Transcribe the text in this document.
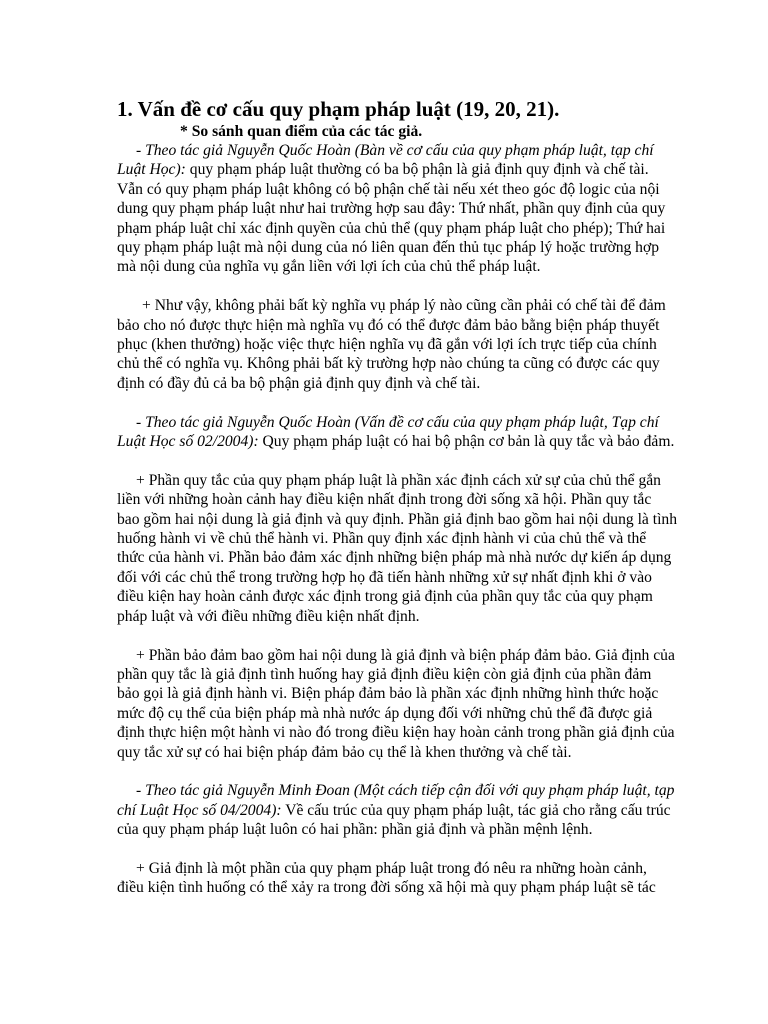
1. Vấn đề cơ cấu quy phạm pháp luật (19, 20, 21).

* So sánh quan điểm của các tác giả.

- Theo tác giả Nguyễn Quốc Hoàn (Bàn về cơ cấu của quy phạm pháp luật, tạp chí Luật Học): quy phạm pháp luật thường có ba bộ phận là giả định quy định và chế tài. Vẫn có quy phạm pháp luật không có bộ phận chế tài nếu xét theo góc độ logic của nội dung quy phạm pháp luật như hai trường hợp sau đây: Thứ nhất, phần quy định của quy phạm pháp luật chỉ xác định quyền của chủ thể (quy phạm pháp luật cho phép); Thứ hai quy phạm pháp luật mà nội dung của nó liên quan đến thủ tục pháp lý hoặc trường hợp mà nội dung của nghĩa vụ gắn liền với lợi ích của chủ thể pháp luật.

+ Như vậy, không phải bất kỳ nghĩa vụ pháp lý nào cũng cần phải có chế tài để đảm bảo cho nó được thực hiện mà nghĩa vụ đó có thể được đảm bảo bằng biện pháp thuyết phục (khen thưởng) hoặc việc thực hiện nghĩa vụ đã gắn với lợi ích trực tiếp của chính chủ thể có nghĩa vụ. Không phải bất kỳ trường hợp nào chúng ta cũng có được các quy định có đầy đủ cả ba bộ phận giả định quy định và chế tài.

- Theo tác giả Nguyễn Quốc Hoàn (Vấn đề cơ cấu của quy phạm pháp luật, Tạp chí Luật Học số 02/2004): Quy phạm pháp luật có hai bộ phận cơ bản là quy tắc và bảo đảm.

+ Phần quy tắc của quy phạm pháp luật là phần xác định cách xử sự của chủ thể gắn liền với những hoàn cảnh hay điều kiện nhất định trong đời sống xã hội. Phần quy tắc bao gồm hai nội dung là giả định và quy định. Phần giả định bao gồm hai nội dung là tình huống hành vi về chủ thể hành vi. Phần quy định xác định hành vi của chủ thể và thể thức của hành vi. Phần bảo đảm xác định những biện pháp mà nhà nước dự kiến áp dụng đối với các chủ thể trong trường hợp họ đã tiến hành những xử sự nhất định khi ở vào điều kiện hay hoàn cảnh được xác định trong giả định của phần quy tắc của quy phạm pháp luật và với điều những điều kiện nhất định.

+ Phần bảo đảm bao gồm hai nội dung là giả định và biện pháp đảm bảo. Giả định của phần quy tắc là giả định tình huống hay giả định điều kiện còn giả định của phần đảm bảo gọi là giả định hành vi. Biện pháp đảm bảo là phần xác định những hình thức hoặc mức độ cụ thể của biện pháp mà nhà nước áp dụng đối với những chủ thể đã được giả định thực hiện một hành vi nào đó trong điều kiện hay hoàn cảnh trong phần giả định của quy tắc xử sự có hai biện pháp đảm bảo cụ thể là khen thưởng và chế tài.

- Theo tác giả Nguyễn Minh Đoan (Một cách tiếp cận đối với quy phạm pháp luật, tạp chí Luật Học số 04/2004): Về cấu trúc của quy phạm pháp luật, tác giả cho rằng cấu trúc của quy phạm pháp luật luôn có hai phần: phần giả định và phần mệnh lệnh.

+ Giả định là một phần của quy phạm pháp luật trong đó nêu ra những hoàn cảnh, điều kiện tình huống có thể xảy ra trong đời sống xã hội mà quy phạm pháp luật sẽ tác
